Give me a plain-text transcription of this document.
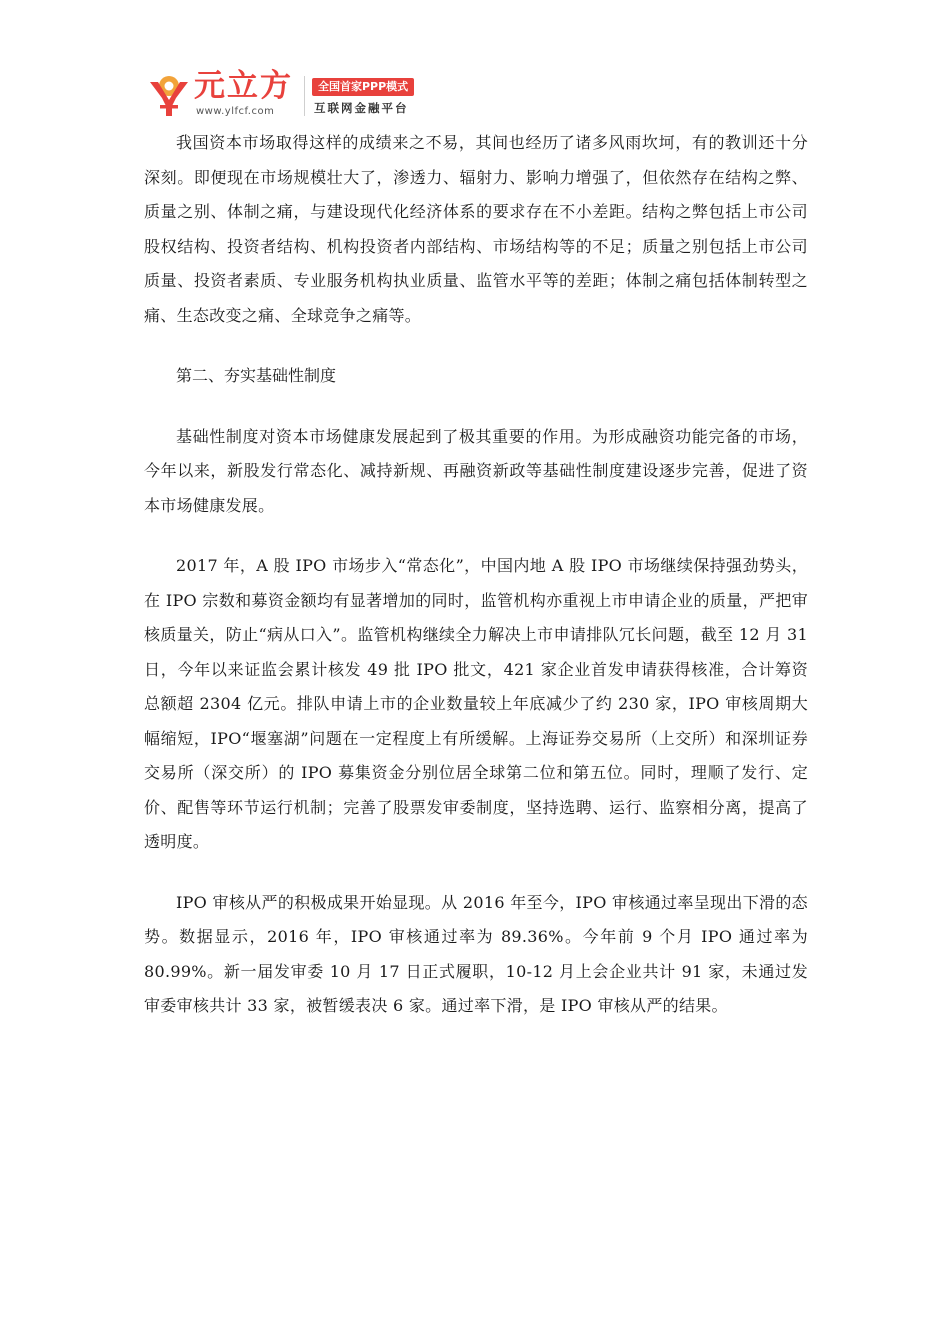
元立方
www.ylfcf.com
全国首家PPP模式
互联网金融平台

我国资本市场取得这样的成绩来之不易，其间也经历了诸多风雨坎坷，有的教训还十分深刻。即便现在市场规模壮大了，渗透力、辐射力、影响力增强了，但依然存在结构之弊、质量之别、体制之痛，与建设现代化经济体系的要求存在不小差距。结构之弊包括上市公司股权结构、投资者结构、机构投资者内部结构、市场结构等的不足；质量之别包括上市公司质量、投资者素质、专业服务机构执业质量、监管水平等的差距；体制之痛包括体制转型之痛、生态改变之痛、全球竞争之痛等。

第二、夯实基础性制度

基础性制度对资本市场健康发展起到了极其重要的作用。为形成融资功能完备的市场，今年以来，新股发行常态化、减持新规、再融资新政等基础性制度建设逐步完善，促进了资本市场健康发展。

2017 年，A 股 IPO 市场步入“常态化”，中国内地 A 股 IPO 市场继续保持强劲势头，在 IPO 宗数和募资金额均有显著增加的同时，监管机构亦重视上市申请企业的质量，严把审核质量关，防止“病从口入”。监管机构继续全力解决上市申请排队冗长问题，截至 12 月 31 日，今年以来证监会累计核发 49 批 IPO 批文，421 家企业首发申请获得核准，合计筹资总额超 2304 亿元。排队申请上市的企业数量较上年底减少了约 230 家，IPO 审核周期大幅缩短，IPO“堰塞湖”问题在一定程度上有所缓解。上海证券交易所（上交所）和深圳证券交易所（深交所）的 IPO 募集资金分别位居全球第二位和第五位。同时，理顺了发行、定价、配售等环节运行机制；完善了股票发审委制度，坚持选聘、运行、监察相分离，提高了透明度。

IPO 审核从严的积极成果开始显现。从 2016 年至今，IPO 审核通过率呈现出下滑的态势。数据显示，2016 年，IPO 审核通过率为 89.36%。今年前 9 个月 IPO 通过率为 80.99%。新一届发审委 10 月 17 日正式履职，10-12 月上会企业共计 91 家，未通过发审委审核共计 33 家，被暂缓表决 6 家。通过率下滑，是 IPO 审核从严的结果。
